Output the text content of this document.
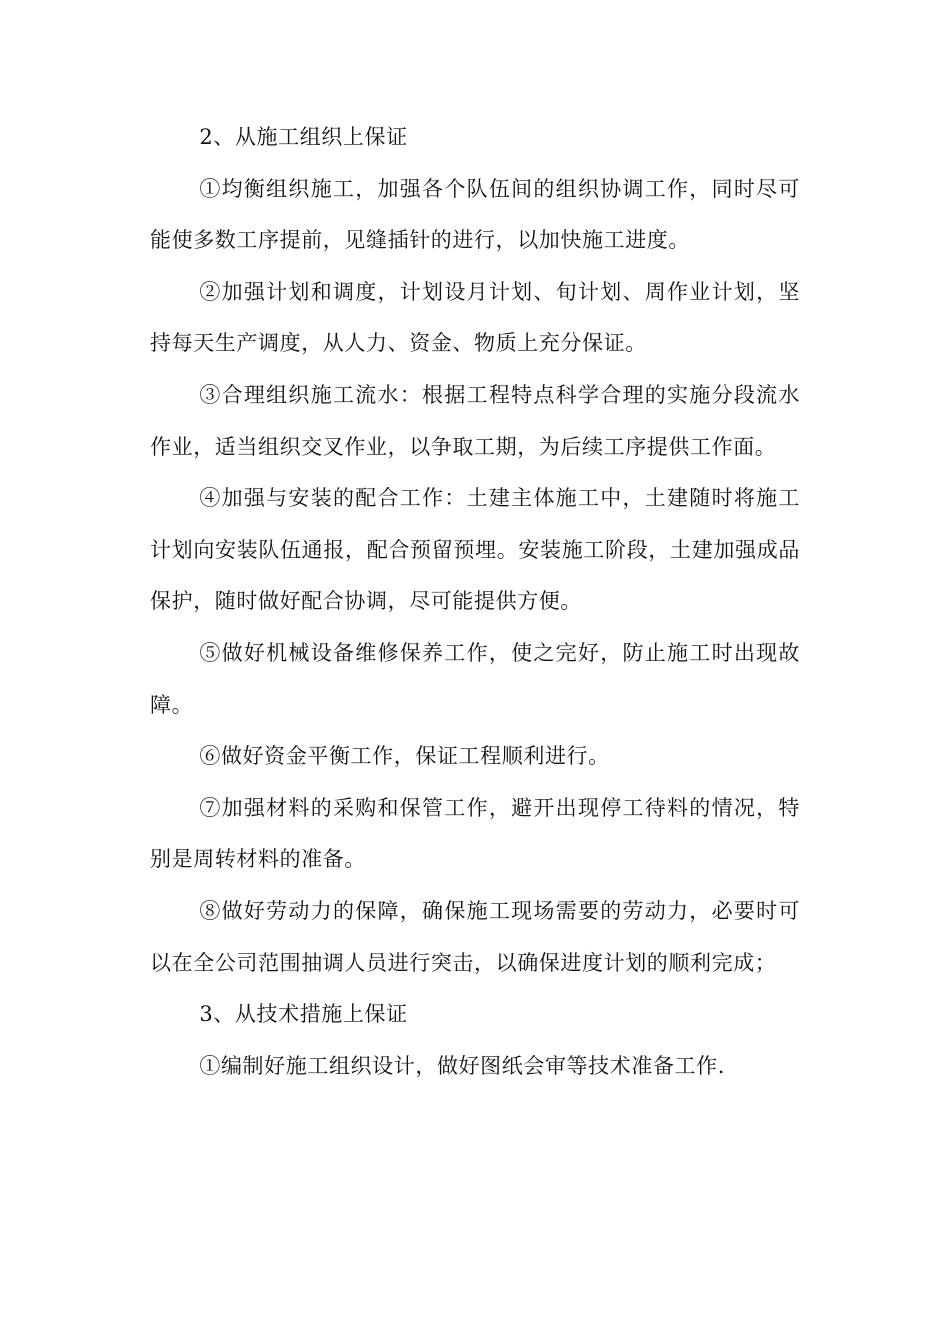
2、从施工组织上保证

①均衡组织施工，加强各个队伍间的组织协调工作，同时尽可能使多数工序提前，见缝插针的进行，以加快施工进度。

②加强计划和调度，计划设月计划、旬计划、周作业计划，坚持每天生产调度，从人力、资金、物质上充分保证。

③合理组织施工流水：根据工程特点科学合理的实施分段流水作业，适当组织交叉作业，以争取工期，为后续工序提供工作面。

④加强与安装的配合工作：土建主体施工中，土建随时将施工计划向安装队伍通报，配合预留预埋。安装施工阶段，土建加强成品保护，随时做好配合协调，尽可能提供方便。

⑤做好机械设备维修保养工作，使之完好，防止施工时出现故障。

⑥做好资金平衡工作，保证工程顺利进行。

⑦加强材料的采购和保管工作，避开出现停工待料的情况，特别是周转材料的准备。

⑧做好劳动力的保障，确保施工现场需要的劳动力，必要时可以在全公司范围抽调人员进行突击，以确保进度计划的顺利完成；

3、从技术措施上保证

①编制好施工组织设计，做好图纸会审等技术准备工作.
